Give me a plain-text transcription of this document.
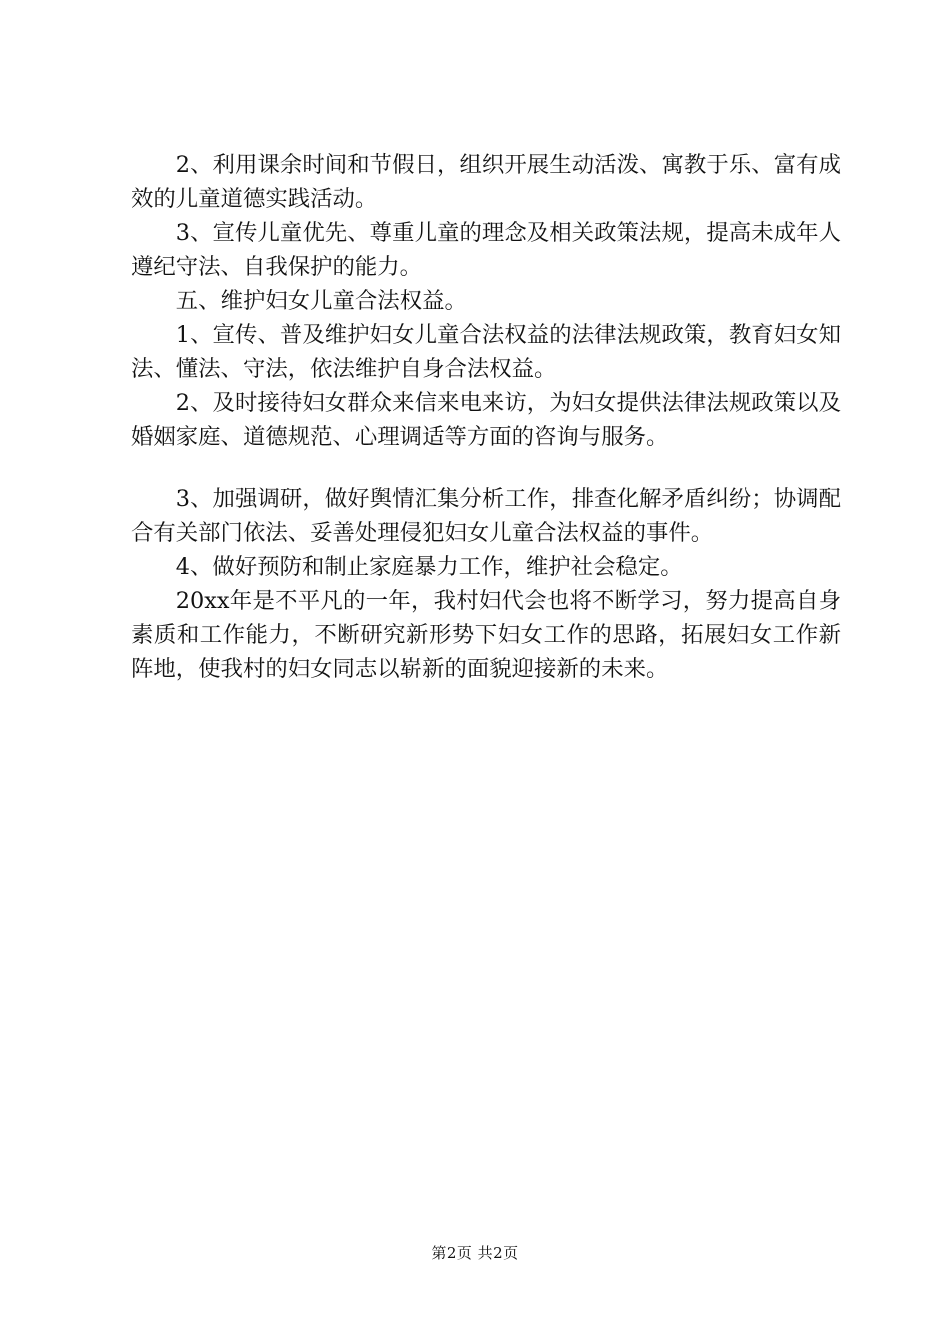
2、利用课余时间和节假日，组织开展生动活泼、寓教于乐、富有成效的儿童道德实践活动。

3、宣传儿童优先、尊重儿童的理念及相关政策法规，提高未成年人遵纪守法、自我保护的能力。

五、维护妇女儿童合法权益。

1、宣传、普及维护妇女儿童合法权益的法律法规政策，教育妇女知法、懂法、守法，依法维护自身合法权益。

2、及时接待妇女群众来信来电来访，为妇女提供法律法规政策以及婚姻家庭、道德规范、心理调适等方面的咨询与服务。

3、加强调研，做好舆情汇集分析工作，排查化解矛盾纠纷；协调配合有关部门依法、妥善处理侵犯妇女儿童合法权益的事件。

4、做好预防和制止家庭暴力工作，维护社会稳定。

20xx年是不平凡的一年，我村妇代会也将不断学习，努力提高自身素质和工作能力，不断研究新形势下妇女工作的思路，拓展妇女工作新阵地，使我村的妇女同志以崭新的面貌迎接新的未来。

第2页 共2页
